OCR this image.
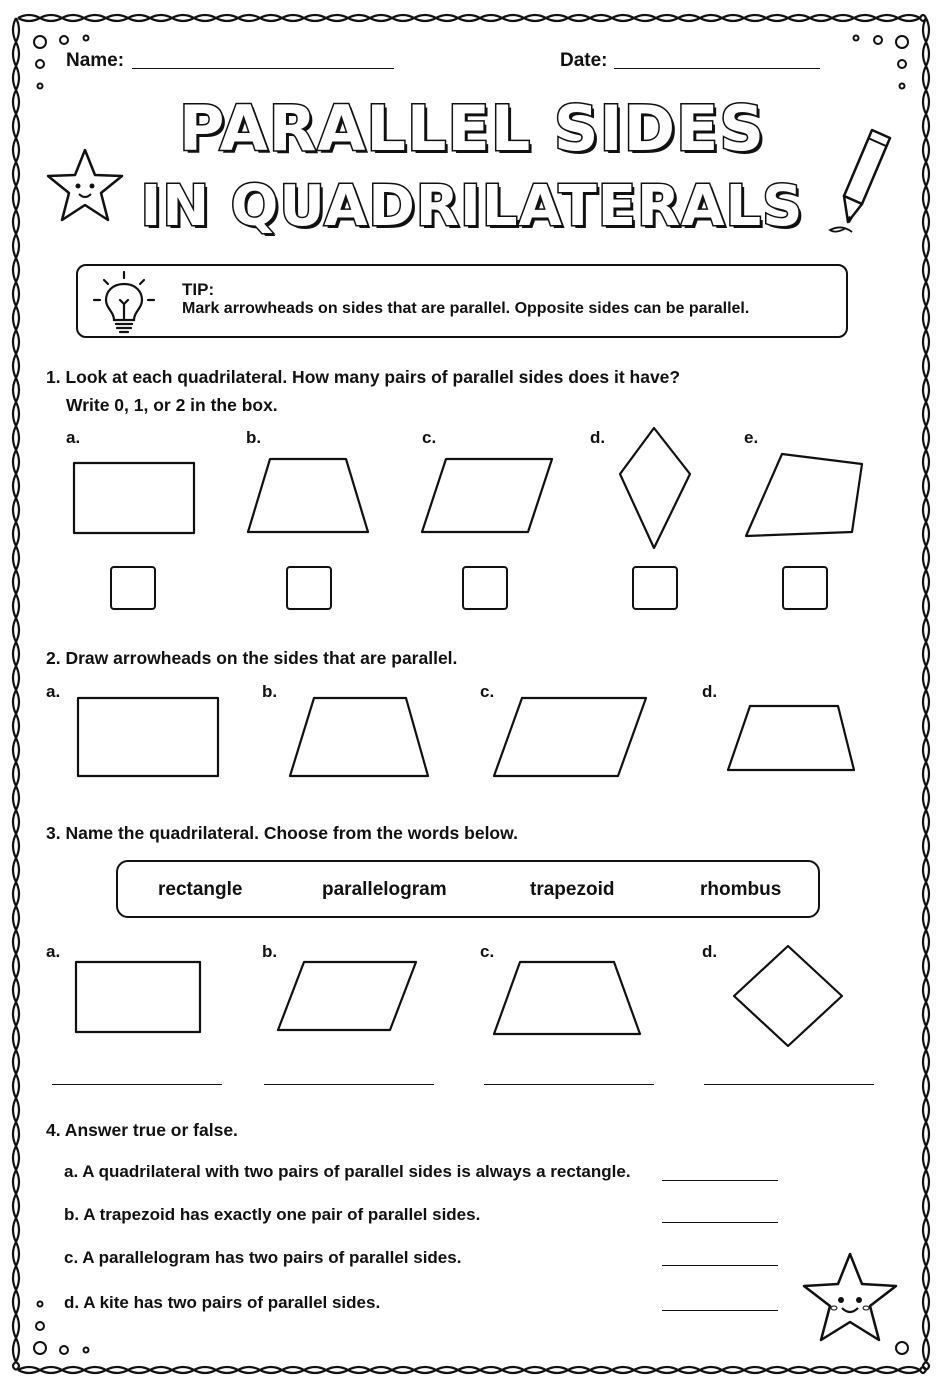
Name:	Date:
PARALLEL SIDES
IN QUADRILATERALS
TIP:
Mark arrowheads on sides that are parallel. Opposite sides can be parallel.
1. Look at each quadrilateral. How many pairs of parallel sides does it have?
Write 0, 1, or 2 in the box.
a.	b.	c.	d.	e.
2. Draw arrowheads on the sides that are parallel.
a.	b.	c.	d.
3. Name the quadrilateral. Choose from the words below.
rectangle	parallelogram	trapezoid	rhombus
a.	b.	c.	d.
4. Answer true or false.
a. A quadrilateral with two pairs of parallel sides is always a rectangle.
b. A trapezoid has exactly one pair of parallel sides.
c. A parallelogram has two pairs of parallel sides.
d. A kite has two pairs of parallel sides.
